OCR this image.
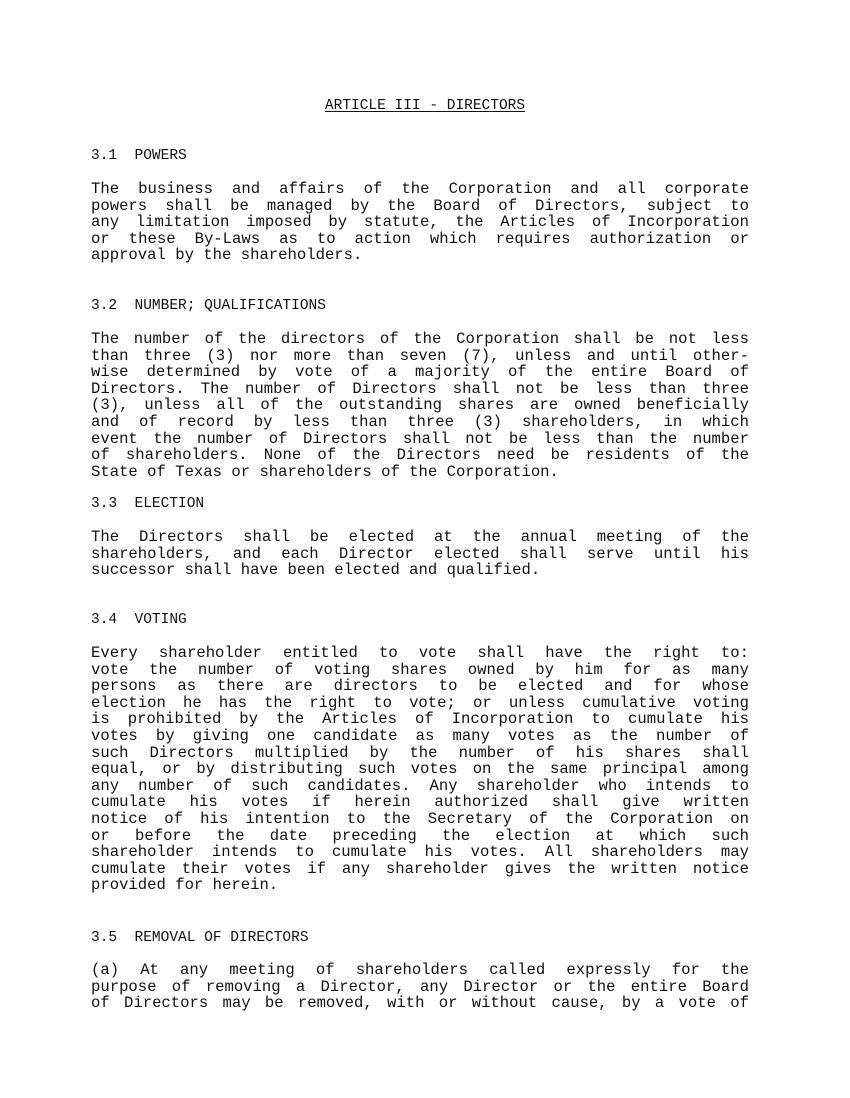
ARTICLE III - DIRECTORS
3.1  POWERS
The business and affairs of the Corporation and all corporate
powers shall be managed by the Board of Directors, subject to
any limitation imposed by statute, the Articles of Incorporation
or these By-Laws as to action which requires authorization or
approval by the shareholders.
3.2  NUMBER; QUALIFICATIONS
The number of the directors of the Corporation shall be not less
than three (3) nor more than seven (7), unless and until other-
wise determined by vote of a majority of the entire Board of
Directors. The number of Directors shall not be less than three
(3), unless all of the outstanding shares are owned beneficially
and of record by less than three (3) shareholders, in which
event the number of Directors shall not be less than the number
of shareholders. None of the Directors need be residents of the
State of Texas or shareholders of the Corporation.
3.3  ELECTION
The Directors shall be elected at the annual meeting of the
shareholders, and each Director elected shall serve until his
successor shall have been elected and qualified.
3.4  VOTING
Every shareholder entitled to vote shall have the right to:
vote the number of voting shares owned by him for as many
persons as there are directors to be elected and for whose
election he has the right to vote; or unless cumulative voting
is prohibited by the Articles of Incorporation to cumulate his
votes by giving one candidate as many votes as the number of
such Directors multiplied by the number of his shares shall
equal, or by distributing such votes on the same principal among
any number of such candidates. Any shareholder who intends to
cumulate his votes if herein authorized shall give written
notice of his intention to the Secretary of the Corporation on
or before the date preceding the election at which such
shareholder intends to cumulate his votes. All shareholders may
cumulate their votes if any shareholder gives the written notice
provided for herein.
3.5  REMOVAL OF DIRECTORS
(a) At any meeting of shareholders called expressly for the
purpose of removing a Director, any Director or the entire Board
of Directors may be removed, with or without cause, by a vote of
